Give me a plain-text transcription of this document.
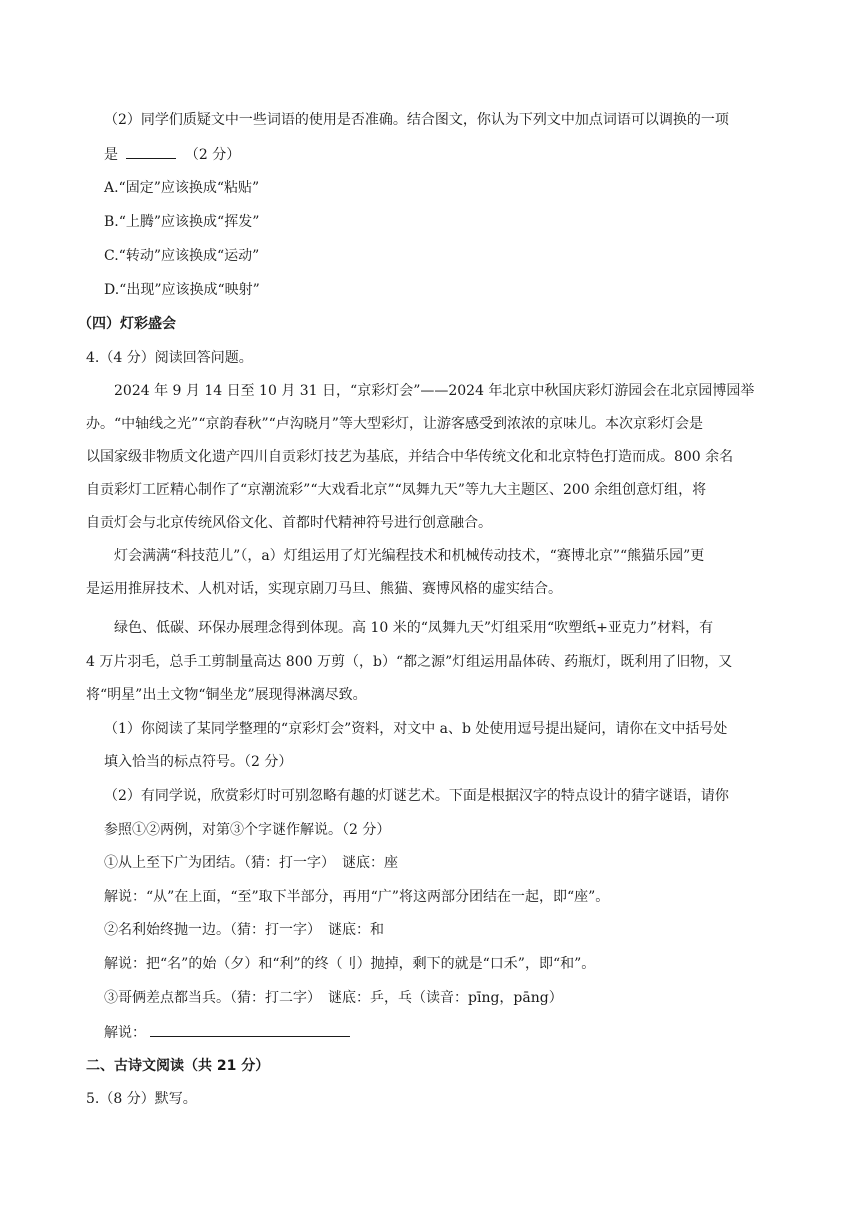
（2）同学们质疑文中一些词语的使用是否准确。结合图文，你认为下列文中加点词语可以调换的一项
是	（2 分）
A.“固定”应该换成“粘贴”
B.“上腾”应该换成“挥发”
C.“转动”应该换成“运动”
D.“出现”应该换成“映射”
（四）灯彩盛会
4.（4 分）阅读回答问题。
2024 年 9 月 14 日至 10 月 31 日，“京彩灯会”——2024 年北京中秋国庆彩灯游园会在北京园博园举
办。“中轴线之光”“京韵春秋”“卢沟晓月”等大型彩灯，让游客感受到浓浓的京味儿。本次京彩灯会是
以国家级非物质文化遗产四川自贡彩灯技艺为基底，并结合中华传统文化和北京特色打造而成。800 余名
自贡彩灯工匠精心制作了“京潮流彩”“大戏看北京”“凤舞九天”等九大主题区、200 余组创意灯组，将
自贡灯会与北京传统风俗文化、首都时代精神符号进行创意融合。
灯会满满“科技范儿”（，a）灯组运用了灯光编程技术和机械传动技术，“赛博北京”“熊猫乐园”更
是运用推屏技术、人机对话，实现京剧刀马旦、熊猫、赛博风格的虚实结合。
绿色、低碳、环保办展理念得到体现。高 10 米的“凤舞九天”灯组采用“吹塑纸+亚克力”材料，有
4 万片羽毛，总手工剪制量高达 800 万剪（，b）“都之源”灯组运用晶体砖、药瓶灯，既利用了旧物，又
将“明星”出土文物“铜坐龙”展现得淋漓尽致。
（1）你阅读了某同学整理的“京彩灯会”资料，对文中 a、b 处使用逗号提出疑问，请你在文中括号处
填入恰当的标点符号。（2 分）
（2）有同学说，欣赏彩灯时可别忽略有趣的灯谜艺术。下面是根据汉字的特点设计的猜字谜语，请你
参照①②两例，对第③个字谜作解说。（2 分）
①从上至下广为团结。（猜：打一字）　谜底：座
解说：“从”在上面，“至”取下半部分，再用“广”将这两部分团结在一起，即“座”。
②名利始终抛一边。（猜：打一字）　谜底：和
解说：把“名”的始（夕）和“利”的终（刂）抛掉，剩下的就是“口禾”，即“和”。
③哥俩差点都当兵。（猜：打二字）　谜底：乒，乓（读音：pīng，pāng）
解说：
二、古诗文阅读（共 21 分）
5.（8 分）默写。
